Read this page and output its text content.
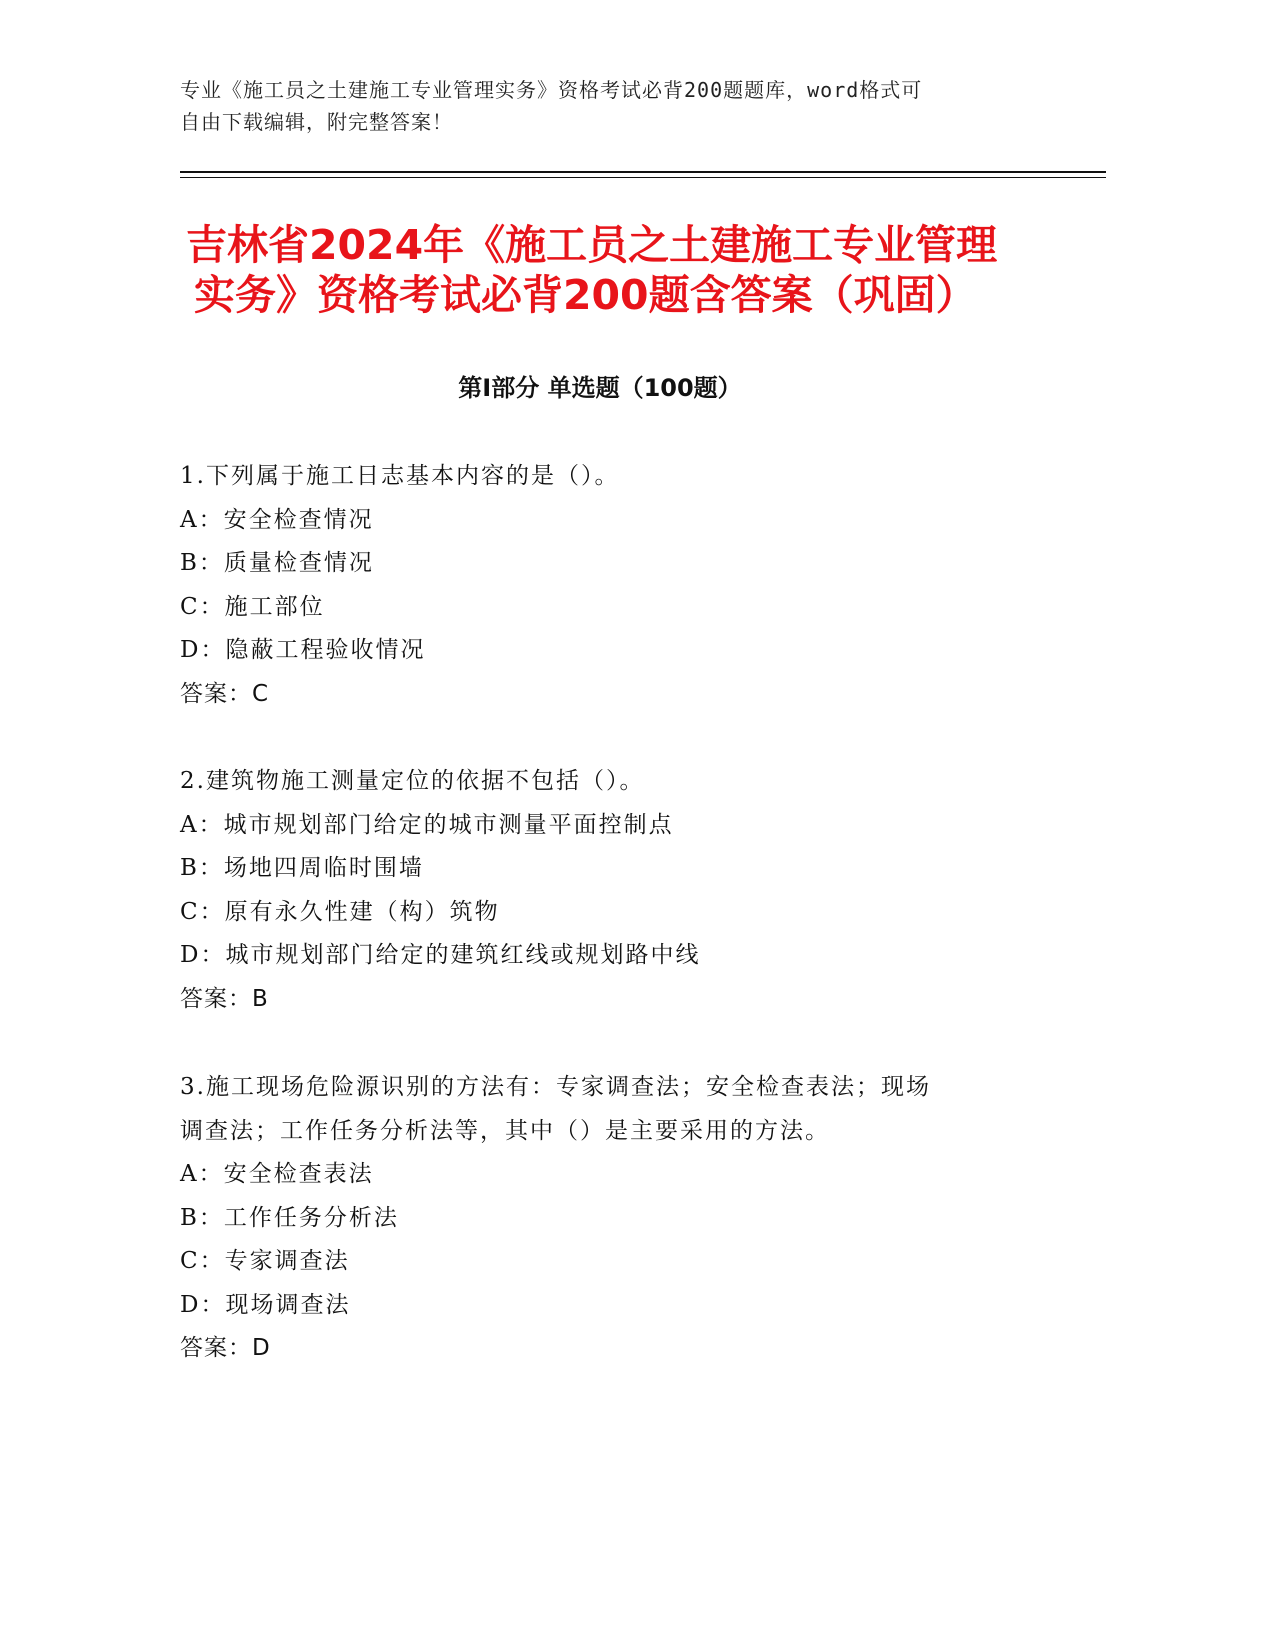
专业《施工员之土建施工专业管理实务》资格考试必背200题题库，word格式可
自由下载编辑，附完整答案！
吉林省2024年《施工员之土建施工专业管理
实务》资格考试必背200题含答案（巩固）
第Ⅰ部分 单选题（100题）
1.下列属于施工日志基本内容的是（）。
A：安全检查情况
B：质量检查情况
C：施工部位
D：隐蔽工程验收情况
答案：C
2.建筑物施工测量定位的依据不包括（）。
A：城市规划部门给定的城市测量平面控制点
B：场地四周临时围墙
C：原有永久性建（构）筑物
D：城市规划部门给定的建筑红线或规划路中线
答案：B
3.施工现场危险源识别的方法有：专家调查法；安全检查表法；现场
调查法；工作任务分析法等，其中（）是主要采用的方法。
A：安全检查表法
B：工作任务分析法
C：专家调查法
D：现场调查法
答案：D
